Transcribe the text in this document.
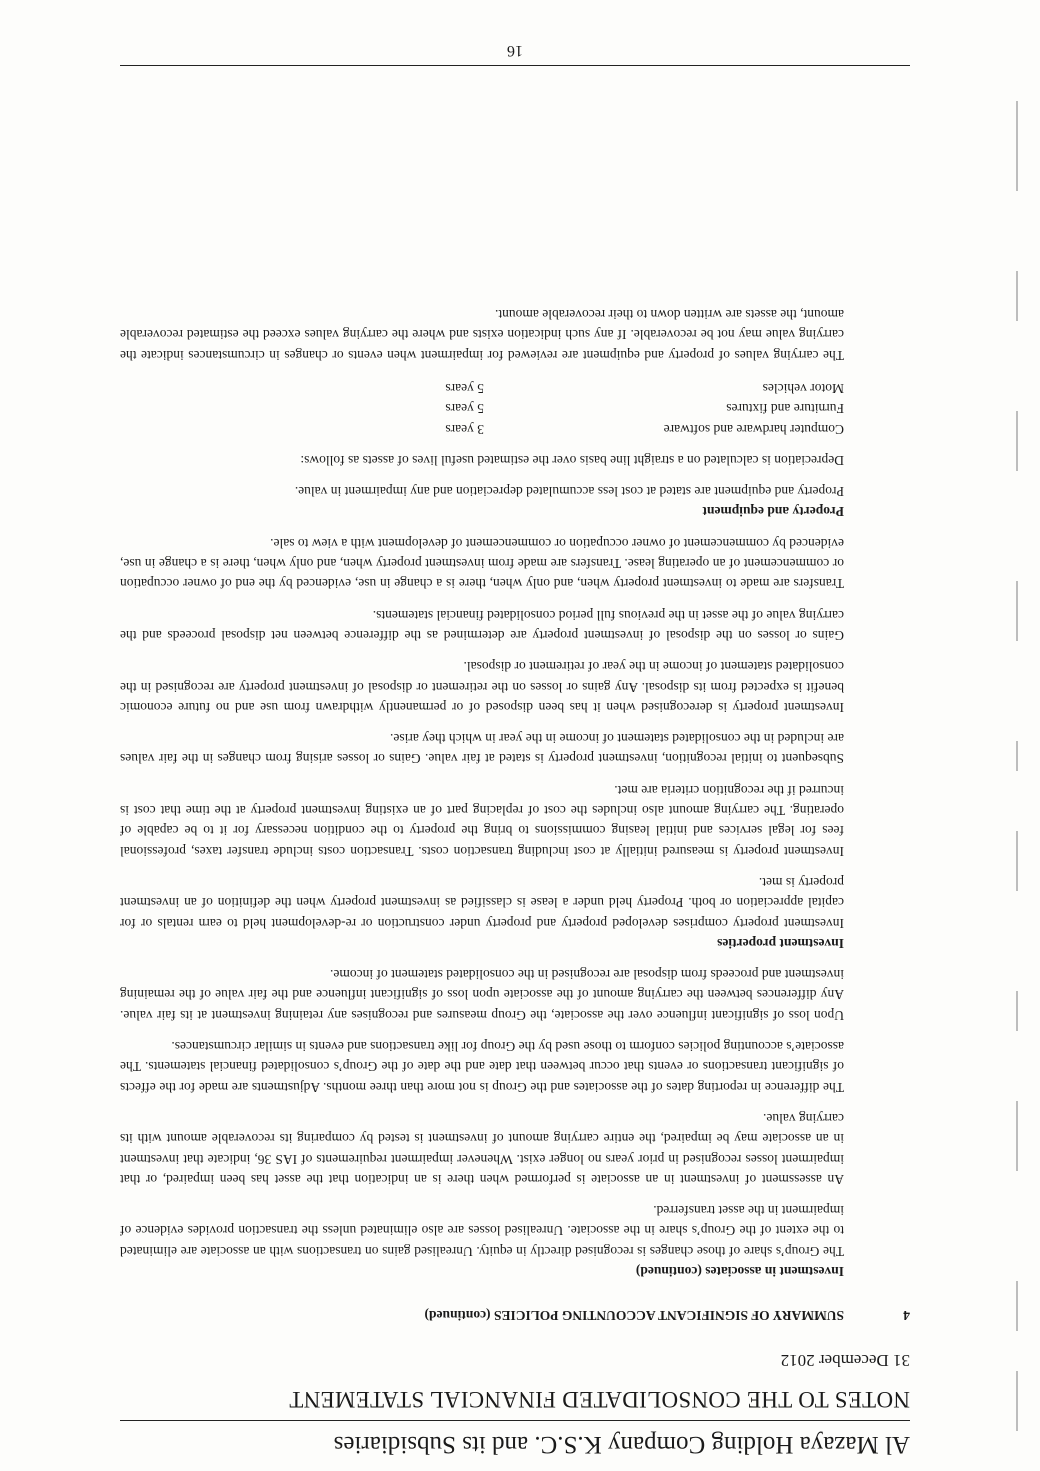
Al Mazaya Holding Company K.S.C. and its Subsidiaries
NOTES TO THE CONSOLIDATED FINANCIAL STATEMENT
31 December 2012
4SUMMARY OF SIGNIFICANT ACCOUNTING POLICIES (continued)
Investment in associates (continued)

The Group’s share of those changes is recognised directly in equity. Unrealised gains on transactions with an associate are eliminated to the extent of the Group’s share in the associate. Unrealised losses are also eliminated unless the transaction provides evidence of impairment in the asset transferred.

An assessment of investment in an associate is performed when there is an indication that the asset has been impaired, or that impairment losses recognised in prior years no longer exist. Whenever impairment requirements of IAS 36, indicate that investment in an associate may be impaired, the entire carrying amount of investment is tested by comparing its recoverable amount with its carrying value.

The difference in reporting dates of the associates and the Group is not more than three months. Adjustments are made for the effects of significant transactions or events that occur between that date and the date of the Group’s consolidated financial statements. The associate’s accounting policies conform to those used by the Group for like transactions and events in similar circumstances.

Upon loss of significant influence over the associate, the Group measures and recognises any retaining investment at its fair value. Any differences between the carrying amount of the associate upon loss of significant influence and the fair value of the remaining investment and proceeds from disposal are recognised in the consolidated statement of income.

Investment properties

Investment property comprises developed property and property under construction or re-development held to earn rentals or for capital appreciation or both. Property held under a lease is classified as investment property when the definition of an investment property is met.

Investment property is measured initially at cost including transaction costs. Transaction costs include transfer taxes, professional fees for legal services and initial leasing commissions to bring the property to the condition necessary for it to be capable of operating. The carrying amount also includes the cost of replacing part of an existing investment property at the time that cost is incurred if the recognition criteria are met.

Subsequent to initial recognition, investment property is stated at fair value. Gains or losses arising from changes in the fair values are included in the consolidated statement of income in the year in which they arise.

Investment property is derecognised when it has been disposed of or permanently withdrawn from use and no future economic benefit is expected from its disposal. Any gains or losses on the retirement or disposal of investment property are recognised in the consolidated statement of income in the year of retirement or disposal.

Gains or losses on the disposal of investment property are determined as the difference between net disposal proceeds and the carrying value of the asset in the previous full period consolidated financial statements.

Transfers are made to investment property when, and only when, there is a change in use, evidenced by the end of owner occupation or commencement of an operating lease. Transfers are made from investment property when, and only when, there is a change in use, evidenced by commencement of owner occupation or commencement of development with a view to sale.

Property and equipment

Property and equipment are stated at cost less accumulated depreciation and any impairment in value.

Depreciation is calculated on a straight line basis over the estimated useful lives of assets as follows:

Computer hardware and software	3 years
Furniture and fixtures	5 years
Motor vehicles	5 years

The carrying values of property and equipment are reviewed for impairment when events or changes in circumstances indicate the carrying value may not be recoverable. If any such indication exists and where the carrying values exceed the estimated recoverable amount, the assets are written down to their recoverable amount.

16
